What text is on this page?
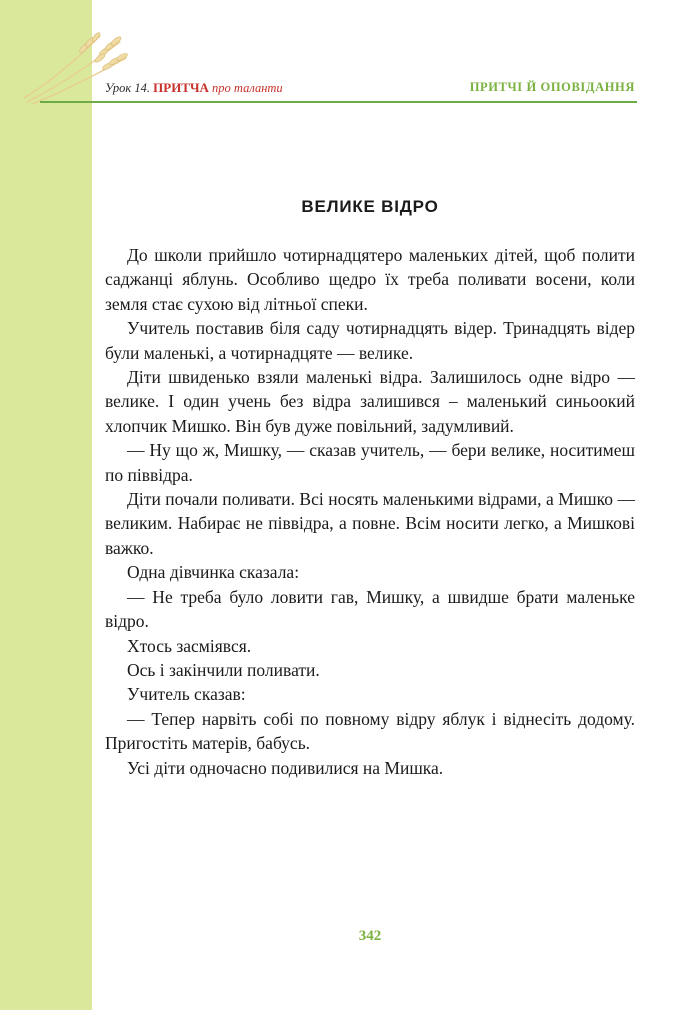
Урок 14. ПРИТЧА про таланти	ПРИТЧІ Й ОПОВІДАННЯ
ВЕЛИКЕ ВІДРО

До школи прийшло чотирнадцятеро маленьких дітей, щоб полити саджанці яблунь. Особливо щедро їх треба поливати восени, коли земля стає сухою від літньої спеки.

Учитель поставив біля саду чотирнадцять відер. Тринадцять відер були маленькі, а чотирнадцяте — велике.

Діти швиденько взяли маленькі відра. Залишилось одне відро — велике. І один учень без відра залишився – маленький синьоокий хлопчик Мишко. Він був дуже повільний, задумливий.

— Ну що ж, Мишку, — сказав учитель, — бери велике, носитимеш по піввідра.

Діти почали поливати. Всі носять маленькими відрами, а Мишко — великим. Набирає не піввідра, а повне. Всім носити легко, а Мишкові важко.

Одна дівчинка сказала:

— Не треба було ловити гав, Мишку, а швидше брати маленьке відро.

Хтось засміявся.

Ось і закінчили поливати.

Учитель сказав:

— Тепер нарвіть собі по повному відру яблук і віднесіть додому. Пригостіть матерів, бабусь.

Усі діти одночасно подивилися на Мишка.

342
